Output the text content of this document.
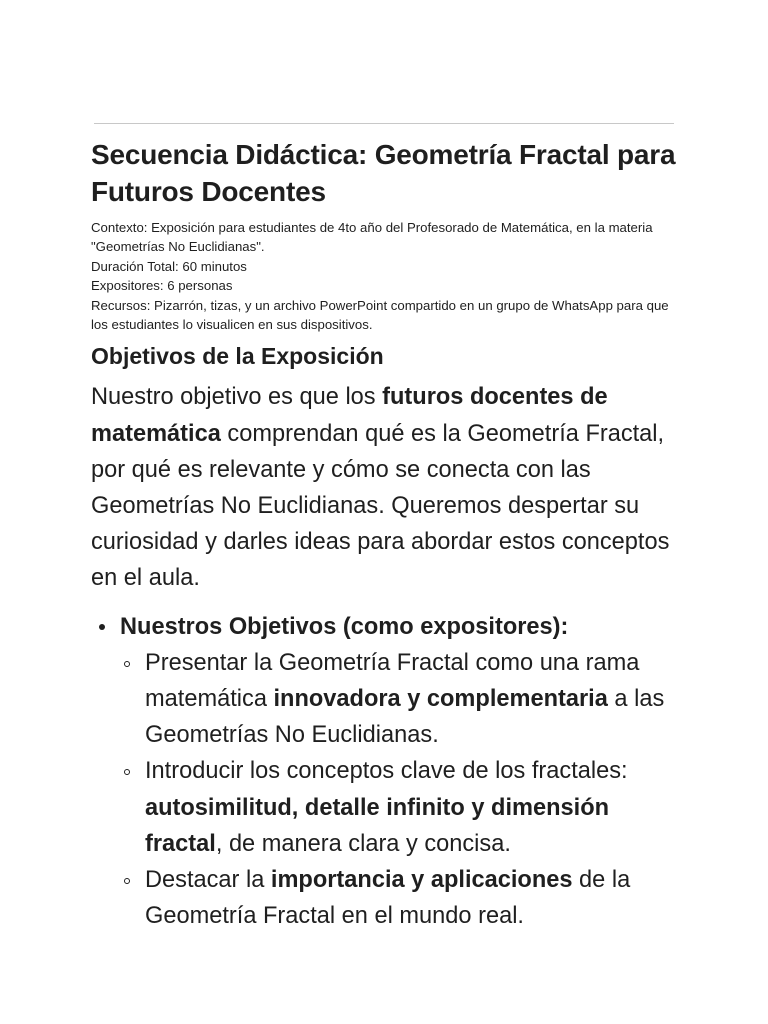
Secuencia Didáctica: Geometría Fractal para Futuros Docentes
Contexto: Exposición para estudiantes de 4to año del Profesorado de Matemática, en la materia "Geometrías No Euclidianas".
Duración Total: 60 minutos
Expositores: 6 personas
Recursos: Pizarrón, tizas, y un archivo PowerPoint compartido en un grupo de WhatsApp para que los estudiantes lo visualicen en sus dispositivos.
Objetivos de la Exposición

Nuestro objetivo es que los futuros docentes de matemática comprendan qué es la Geometría Fractal, por qué es relevante y cómo se conecta con las Geometrías No Euclidianas. Queremos despertar su curiosidad y darles ideas para abordar estos conceptos en el aula.

Nuestros Objetivos (como expositores):
Presentar la Geometría Fractal como una rama matemática innovadora y complementaria a las Geometrías No Euclidianas.
Introducir los conceptos clave de los fractales: autosimilitud, detalle infinito y dimensión fractal, de manera clara y concisa.
Destacar la importancia y aplicaciones de la Geometría Fractal en el mundo real.
